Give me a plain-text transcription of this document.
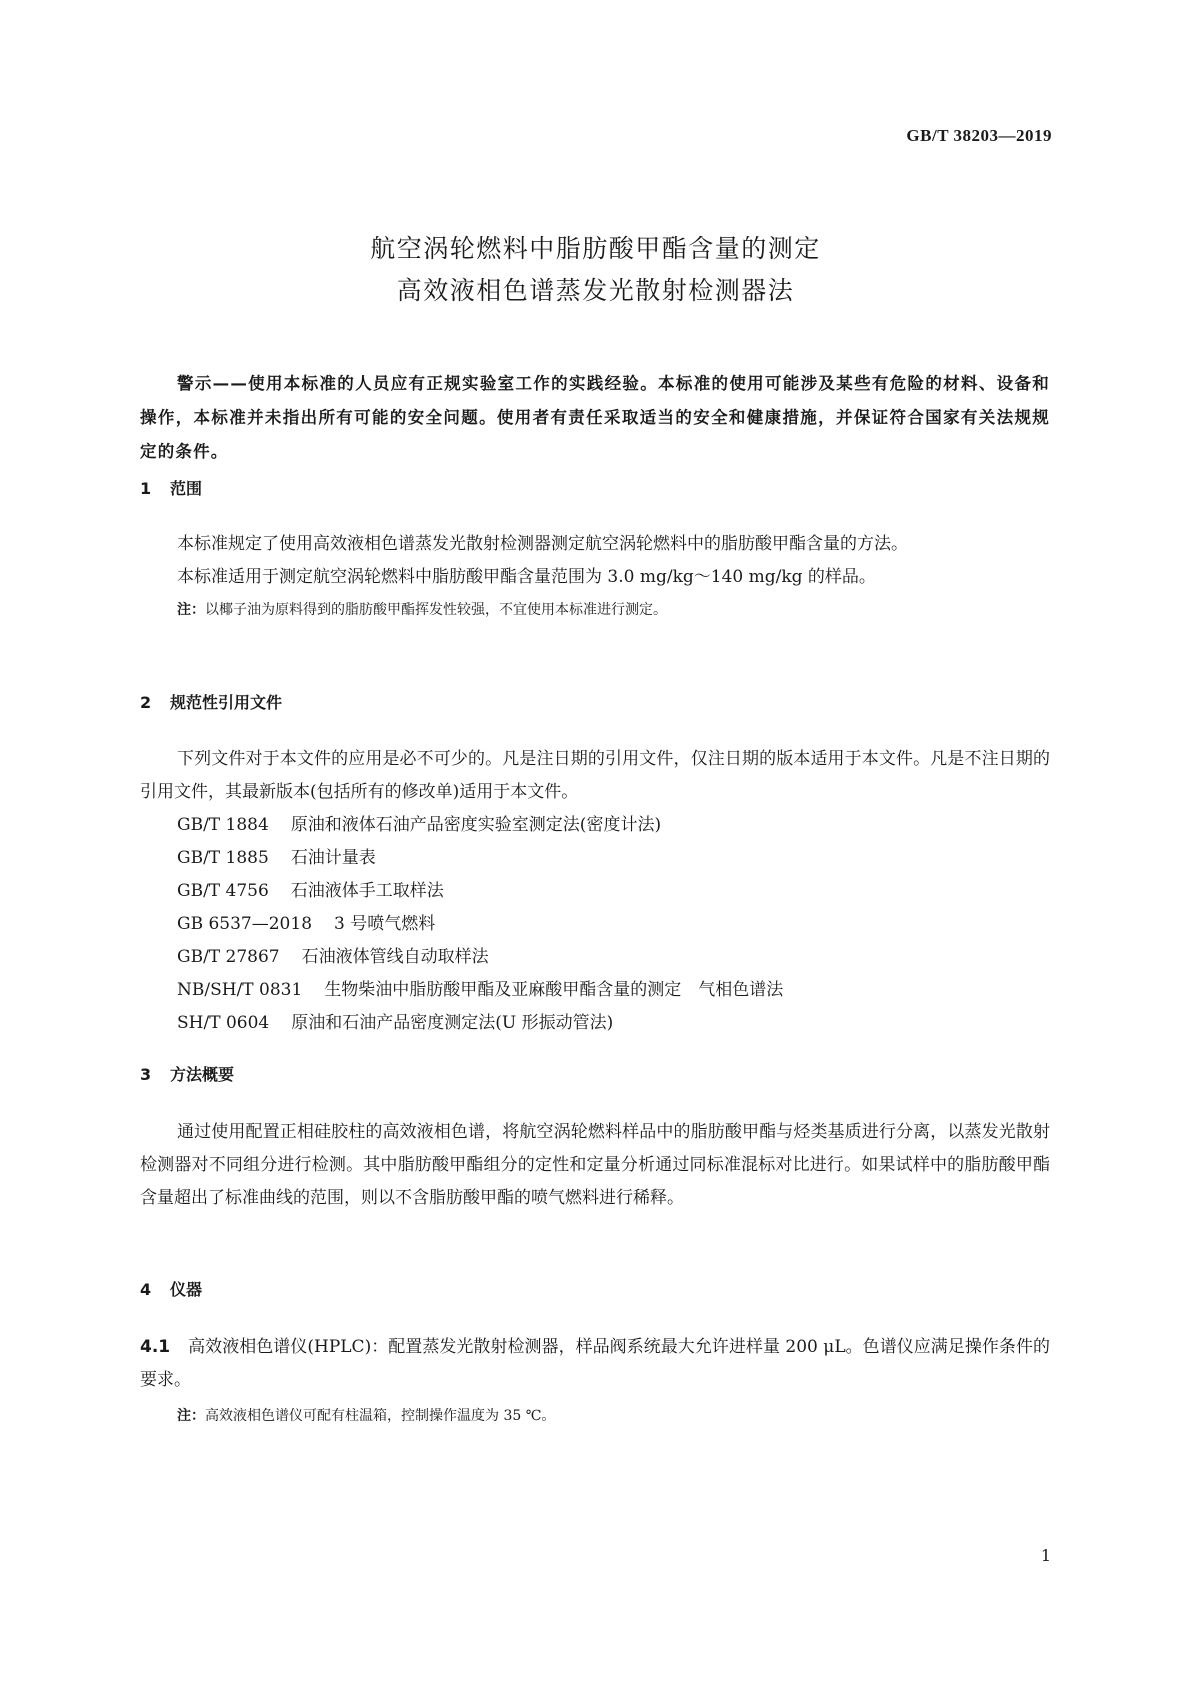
GB/T 38203—2019
航空涡轮燃料中脂肪酸甲酯含量的测定
高效液相色谱蒸发光散射检测器法

警示——使用本标准的人员应有正规实验室工作的实践经验。本标准的使用可能涉及某些有危险的材料、设备和操作，本标准并未指出所有可能的安全问题。使用者有责任采取适当的安全和健康措施，并保证符合国家有关法规规定的条件。

1 范围

本标准规定了使用高效液相色谱蒸发光散射检测器测定航空涡轮燃料中的脂肪酸甲酯含量的方法。

本标准适用于测定航空涡轮燃料中脂肪酸甲酯含量范围为 3.0 mg/kg～140 mg/kg 的样品。

注：以椰子油为原料得到的脂肪酸甲酯挥发性较强，不宜使用本标准进行测定。

2 规范性引用文件

下列文件对于本文件的应用是必不可少的。凡是注日期的引用文件，仅注日期的版本适用于本文件。凡是不注日期的引用文件，其最新版本(包括所有的修改单)适用于本文件。

GB/T 1884 原油和液体石油产品密度实验室测定法(密度计法)

GB/T 1885 石油计量表

GB/T 4756 石油液体手工取样法

GB 6537—2018 3 号喷气燃料

GB/T 27867 石油液体管线自动取样法

NB/SH/T 0831 生物柴油中脂肪酸甲酯及亚麻酸甲酯含量的测定　气相色谱法

SH/T 0604 原油和石油产品密度测定法(U 形振动管法)

3 方法概要

通过使用配置正相硅胶柱的高效液相色谱，将航空涡轮燃料样品中的脂肪酸甲酯与烃类基质进行分离，以蒸发光散射检测器对不同组分进行检测。其中脂肪酸甲酯组分的定性和定量分析通过同标准混标对比进行。如果试样中的脂肪酸甲酯含量超出了标准曲线的范围，则以不含脂肪酸甲酯的喷气燃料进行稀释。

4 仪器

4.1 高效液相色谱仪(HPLC)：配置蒸发光散射检测器，样品阀系统最大允许进样量 200 μL。色谱仪应满足操作条件的要求。

注：高效液相色谱仪可配有柱温箱，控制操作温度为 35 ℃。

1
